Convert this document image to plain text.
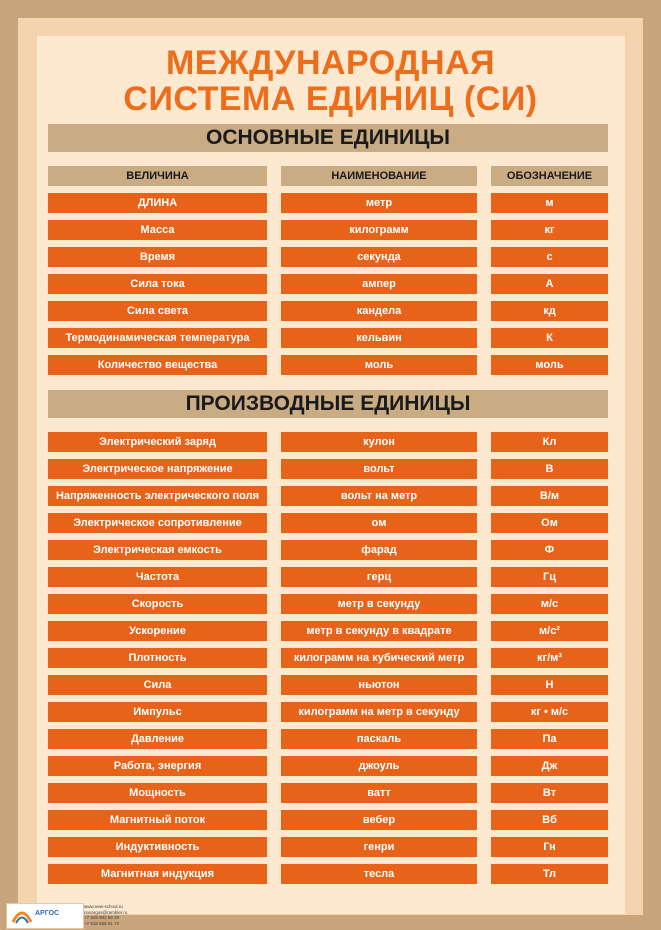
МЕЖДУНАРОДНАЯ
СИСТЕМА ЕДИНИЦ (СИ)
ОСНОВНЫЕ ЕДИНИЦЫ
ВЕЛИЧИНА	НАИМЕНОВАНИЕ	ОБОЗНАЧЕНИЕ
ДЛИНА	метр	м
Масса	килограмм	кг
Время	секунда	с
Сила тока	ампер	А
Сила света	кандела	кд
Термодинамическая температура	кельвин	К
Количество вещества	моль	моль
ПРОИЗВОДНЫЕ ЕДИНИЦЫ
Электрический заряд	кулон	Кл
Электрическое напряжение	вольт	В
Напряженность электрического поля	вольт на метр	В/м
Электрическое сопротивление	ом	Ом
Электрическая емкость	фарад	Ф
Частота	герц	Гц
Скорость	метр в секунду	м/с
Ускорение	метр в секунду в квадрате	м/с²
Плотность	килограмм на кубический метр	кг/м³
Сила	ньютон	Н
Импульс	килограмм на метр в секунду	кг • м/с
Давление	паскаль	Па
Работа, энергия	джоуль	Дж
Мощность	ватт	Вт
Магнитный поток	вебер	Вб
Индуктивность	генри	Гн
Магнитная индукция	тесла	Тл
АРГОС
www.new-school.ru
novargos@rambler.ru
+7 928 902 68 20
+7 918 556 81 72
